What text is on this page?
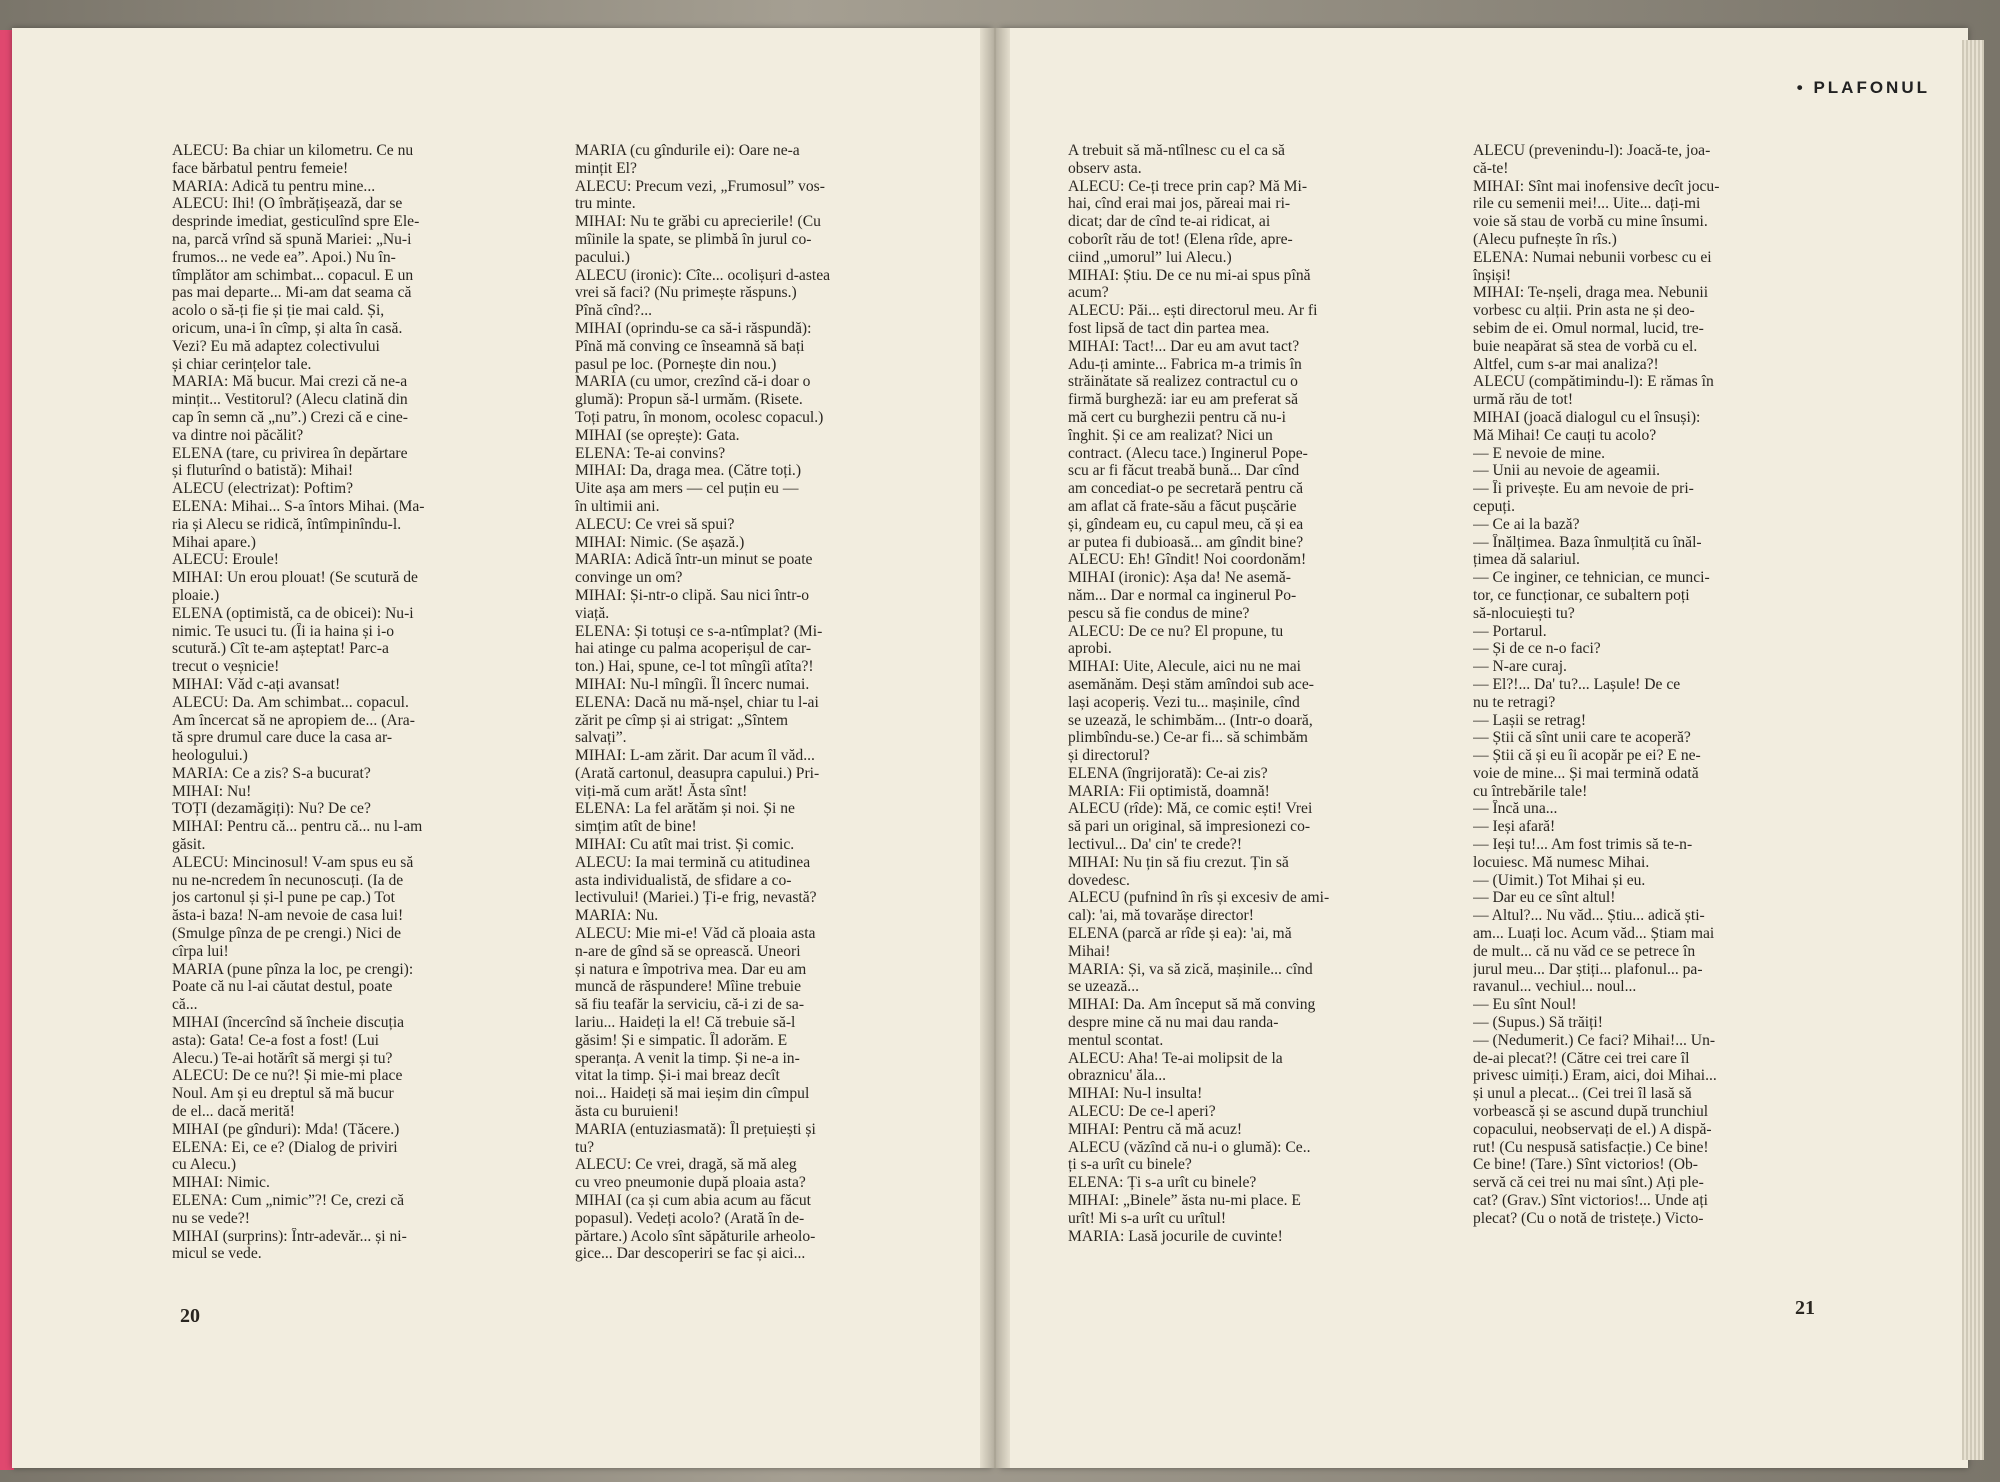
• PLAFONUL
ALECU: Ba chiar un kilometru. Ce nu
face bărbatul pentru femeie!
MARIA: Adică tu pentru mine...
ALECU: Ihi! (O îmbrățișează, dar se
desprinde imediat, gesticulînd spre Ele-
na, parcă vrînd să spună Mariei: „Nu-i
frumos... ne vede ea”. Apoi.) Nu în-
tîmplător am schimbat... copacul. E un
pas mai departe... Mi-am dat seama că
acolo o să-ți fie și ție mai cald. Și,
oricum, una-i în cîmp, și alta în casă.
Vezi? Eu mă adaptez colectivului
și chiar cerințelor tale.
MARIA: Mă bucur. Mai crezi că ne-a
mințit... Vestitorul? (Alecu clatină din
cap în semn că „nu”.) Crezi că e cine-
va dintre noi păcălit?
ELENA (tare, cu privirea în depărtare
și fluturînd o batistă): Mihai!
ALECU (electrizat): Poftim?
ELENA: Mihai... S-a întors Mihai. (Ma-
ria și Alecu se ridică, întîmpinîndu-l.
Mihai apare.)
ALECU: Eroule!
MIHAI: Un erou plouat! (Se scutură de
ploaie.)
ELENA (optimistă, ca de obicei): Nu-i
nimic. Te usuci tu. (Îi ia haina și i-o
scutură.) Cît te-am așteptat! Parc-a
trecut o veșnicie!
MIHAI: Văd c-ați avansat!
ALECU: Da. Am schimbat... copacul.
Am încercat să ne apropiem de... (Ara-
tă spre drumul care duce la casa ar-
heologului.)
MARIA: Ce a zis? S-a bucurat?
MIHAI: Nu!
TOȚI (dezamăgiți): Nu? De ce?
MIHAI: Pentru că... pentru că... nu l-am
găsit.
ALECU: Mincinosul! V-am spus eu să
nu ne-ncredem în necunoscuți. (Ia de
jos cartonul și și-l pune pe cap.) Tot
ăsta-i baza! N-am nevoie de casa lui!
(Smulge pînza de pe crengi.) Nici de
cîrpa lui!
MARIA (pune pînza la loc, pe crengi):
Poate că nu l-ai căutat destul, poate
că...
MIHAI (încercînd să încheie discuția
asta): Gata! Ce-a fost a fost! (Lui
Alecu.) Te-ai hotărît să mergi și tu?
ALECU: De ce nu?! Și mie-mi place
Noul. Am și eu dreptul să mă bucur
de el... dacă merită!
MIHAI (pe gînduri): Mda! (Tăcere.)
ELENA: Ei, ce e? (Dialog de priviri
cu Alecu.)
MIHAI: Nimic.
ELENA: Cum „nimic”?! Ce, crezi că
nu se vede?!
MIHAI (surprins): Într-adevăr... și ni-
micul se vede.
MARIA (cu gîndurile ei): Oare ne-a
mințit El?
ALECU: Precum vezi, „Frumosul” vos-
tru minte.
MIHAI: Nu te grăbi cu aprecierile! (Cu
mîinile la spate, se plimbă în jurul co-
pacului.)
ALECU (ironic): Cîte... ocolișuri d-astea
vrei să faci? (Nu primește răspuns.)
Pînă cînd?...
MIHAI (oprindu-se ca să-i răspundă):
Pînă mă conving ce înseamnă să bați
pasul pe loc. (Pornește din nou.)
MARIA (cu umor, crezînd că-i doar o
glumă): Propun să-l urmăm. (Risete.
Toți patru, în monom, ocolesc copacul.)
MIHAI (se oprește): Gata.
ELENA: Te-ai convins?
MIHAI: Da, draga mea. (Către toți.)
Uite așa am mers — cel puțin eu —
în ultimii ani.
ALECU: Ce vrei să spui?
MIHAI: Nimic. (Se așază.)
MARIA: Adică într-un minut se poate
convinge un om?
MIHAI: Și-ntr-o clipă. Sau nici într-o
viață.
ELENA: Și totuși ce s-a-ntîmplat? (Mi-
hai atinge cu palma acoperișul de car-
ton.) Hai, spune, ce-l tot mîngîi atîta?!
MIHAI: Nu-l mîngîi. Îl încerc numai.
ELENA: Dacă nu mă-nșel, chiar tu l-ai
zărit pe cîmp și ai strigat: „Sîntem
salvați”.
MIHAI: L-am zărit. Dar acum îl văd...
(Arată cartonul, deasupra capului.) Pri-
viți-mă cum arăt! Ăsta sînt!
ELENA: La fel arătăm și noi. Și ne
simțim atît de bine!
MIHAI: Cu atît mai trist. Și comic.
ALECU: Ia mai termină cu atitudinea
asta individualistă, de sfidare a co-
lectivului! (Mariei.) Ți-e frig, nevastă?
MARIA: Nu.
ALECU: Mie mi-e! Văd că ploaia asta
n-are de gînd să se oprească. Uneori
și natura e împotriva mea. Dar eu am
muncă de răspundere! Mîine trebuie
să fiu teafăr la serviciu, că-i zi de sa-
lariu... Haideți la el! Că trebuie să-l
găsim! Și e simpatic. Îl adorăm. E
speranța. A venit la timp. Și ne-a in-
vitat la timp. Și-i mai breaz decît
noi... Haideți să mai ieșim din cîmpul
ăsta cu buruieni!
MARIA (entuziasmată): Îl prețuiești și
tu?
ALECU: Ce vrei, dragă, să mă aleg
cu vreo pneumonie după ploaia asta?
MIHAI (ca și cum abia acum au făcut
popasul). Vedeți acolo? (Arată în de-
părtare.) Acolo sînt săpăturile arheolo-
gice... Dar descoperiri se fac și aici...
A trebuit să mă-ntîlnesc cu el ca să
observ asta.
ALECU: Ce-ți trece prin cap? Mă Mi-
hai, cînd erai mai jos, păreai mai ri-
dicat; dar de cînd te-ai ridicat, ai
coborît rău de tot! (Elena rîde, apre-
ciind „umorul” lui Alecu.)
MIHAI: Știu. De ce nu mi-ai spus pînă
acum?
ALECU: Păi... ești directorul meu. Ar fi
fost lipsă de tact din partea mea.
MIHAI: Tact!... Dar eu am avut tact?
Adu-ți aminte... Fabrica m-a trimis în
străinătate să realizez contractul cu o
firmă burgheză: iar eu am preferat să
mă cert cu burghezii pentru că nu-i
înghit. Și ce am realizat? Nici un
contract. (Alecu tace.) Inginerul Pope-
scu ar fi făcut treabă bună... Dar cînd
am concediat-o pe secretară pentru că
am aflat că frate-său a făcut pușcărie
și, gîndeam eu, cu capul meu, că și ea
ar putea fi dubioasă... am gîndit bine?
ALECU: Eh! Gîndit! Noi coordonăm!
MIHAI (ironic): Așa da! Ne asemă-
năm... Dar e normal ca inginerul Po-
pescu să fie condus de mine?
ALECU: De ce nu? El propune, tu
aprobi.
MIHAI: Uite, Alecule, aici nu ne mai
asemănăm. Deși stăm amîndoi sub ace-
lași acoperiș. Vezi tu... mașinile, cînd
se uzează, le schimbăm... (Intr-o doară,
plimbîndu-se.) Ce-ar fi... să schimbăm
și directorul?
ELENA (îngrijorată): Ce-ai zis?
MARIA: Fii optimistă, doamnă!
ALECU (rîde): Mă, ce comic ești! Vrei
să pari un original, să impresionezi co-
lectivul... Da' cin' te crede?!
MIHAI: Nu țin să fiu crezut. Țin să
dovedesc.
ALECU (pufnind în rîs și excesiv de ami-
cal): 'ai, mă tovarășe director!
ELENA (parcă ar rîde și ea): 'ai, mă
Mihai!
MARIA: Și, va să zică, mașinile... cînd
se uzează...
MIHAI: Da. Am început să mă conving
despre mine că nu mai dau randa-
mentul scontat.
ALECU: Aha! Te-ai molipsit de la
obraznicu' ăla...
MIHAI: Nu-l insulta!
ALECU: De ce-l aperi?
MIHAI: Pentru că mă acuz!
ALECU (văzînd că nu-i o glumă): Ce..
ți s-a urît cu binele?
ELENA: Ți s-a urît cu binele?
MIHAI: „Binele” ăsta nu-mi place. E
urît! Mi s-a urît cu urîtul!
MARIA: Lasă jocurile de cuvinte!
ALECU (prevenindu-l): Joacă-te, joa-
că-te!
MIHAI: Sînt mai inofensive decît jocu-
rile cu semenii mei!... Uite... dați-mi
voie să stau de vorbă cu mine însumi.
(Alecu pufnește în rîs.)
ELENA: Numai nebunii vorbesc cu ei
înșiși!
MIHAI: Te-nșeli, draga mea. Nebunii
vorbesc cu alții. Prin asta ne și deo-
sebim de ei. Omul normal, lucid, tre-
buie neapărat să stea de vorbă cu el.
Altfel, cum s-ar mai analiza?!
ALECU (compătimindu-l): E rămas în
urmă rău de tot!
MIHAI (joacă dialogul cu el însuși):
Mă Mihai! Ce cauți tu acolo?
— E nevoie de mine.
— Unii au nevoie de ageamii.
— Îi privește. Eu am nevoie de pri-
cepuți.
— Ce ai la bază?
— Înălțimea. Baza înmulțită cu înăl-
țimea dă salariul.
— Ce inginer, ce tehnician, ce munci-
tor, ce funcționar, ce subaltern poți
să-nlocuiești tu?
— Portarul.
— Și de ce n-o faci?
— N-are curaj.
— El?!... Da' tu?... Lașule! De ce
nu te retragi?
— Lașii se retrag!
— Știi că sînt unii care te acoperă?
— Știi că și eu îi acopăr pe ei? E ne-
voie de mine... Și mai termină odată
cu întrebările tale!
— Încă una...
— Ieși afară!
— Ieși tu!... Am fost trimis să te-n-
locuiesc. Mă numesc Mihai.
— (Uimit.) Tot Mihai și eu.
— Dar eu ce sînt altul!
— Altul?... Nu văd... Știu... adică ști-
am... Luați loc. Acum văd... Știam mai
de mult... că nu văd ce se petrece în
jurul meu... Dar știți... plafonul... pa-
ravanul... vechiul... noul...
— Eu sînt Noul!
— (Supus.) Să trăiți!
— (Nedumerit.) Ce faci? Mihai!... Un-
de-ai plecat?! (Către cei trei care îl
privesc uimiți.) Eram, aici, doi Mihai...
și unul a plecat... (Cei trei îl lasă să
vorbească și se ascund după trunchiul
copacului, neobservați de el.) A dispă-
rut! (Cu nespusă satisfacție.) Ce bine!
Ce bine! (Tare.) Sînt victorios! (Ob-
servă că cei trei nu mai sînt.) Ați ple-
cat? (Grav.) Sînt victorios!... Unde ați
plecat? (Cu o notă de tristețe.) Victo-
20	21
